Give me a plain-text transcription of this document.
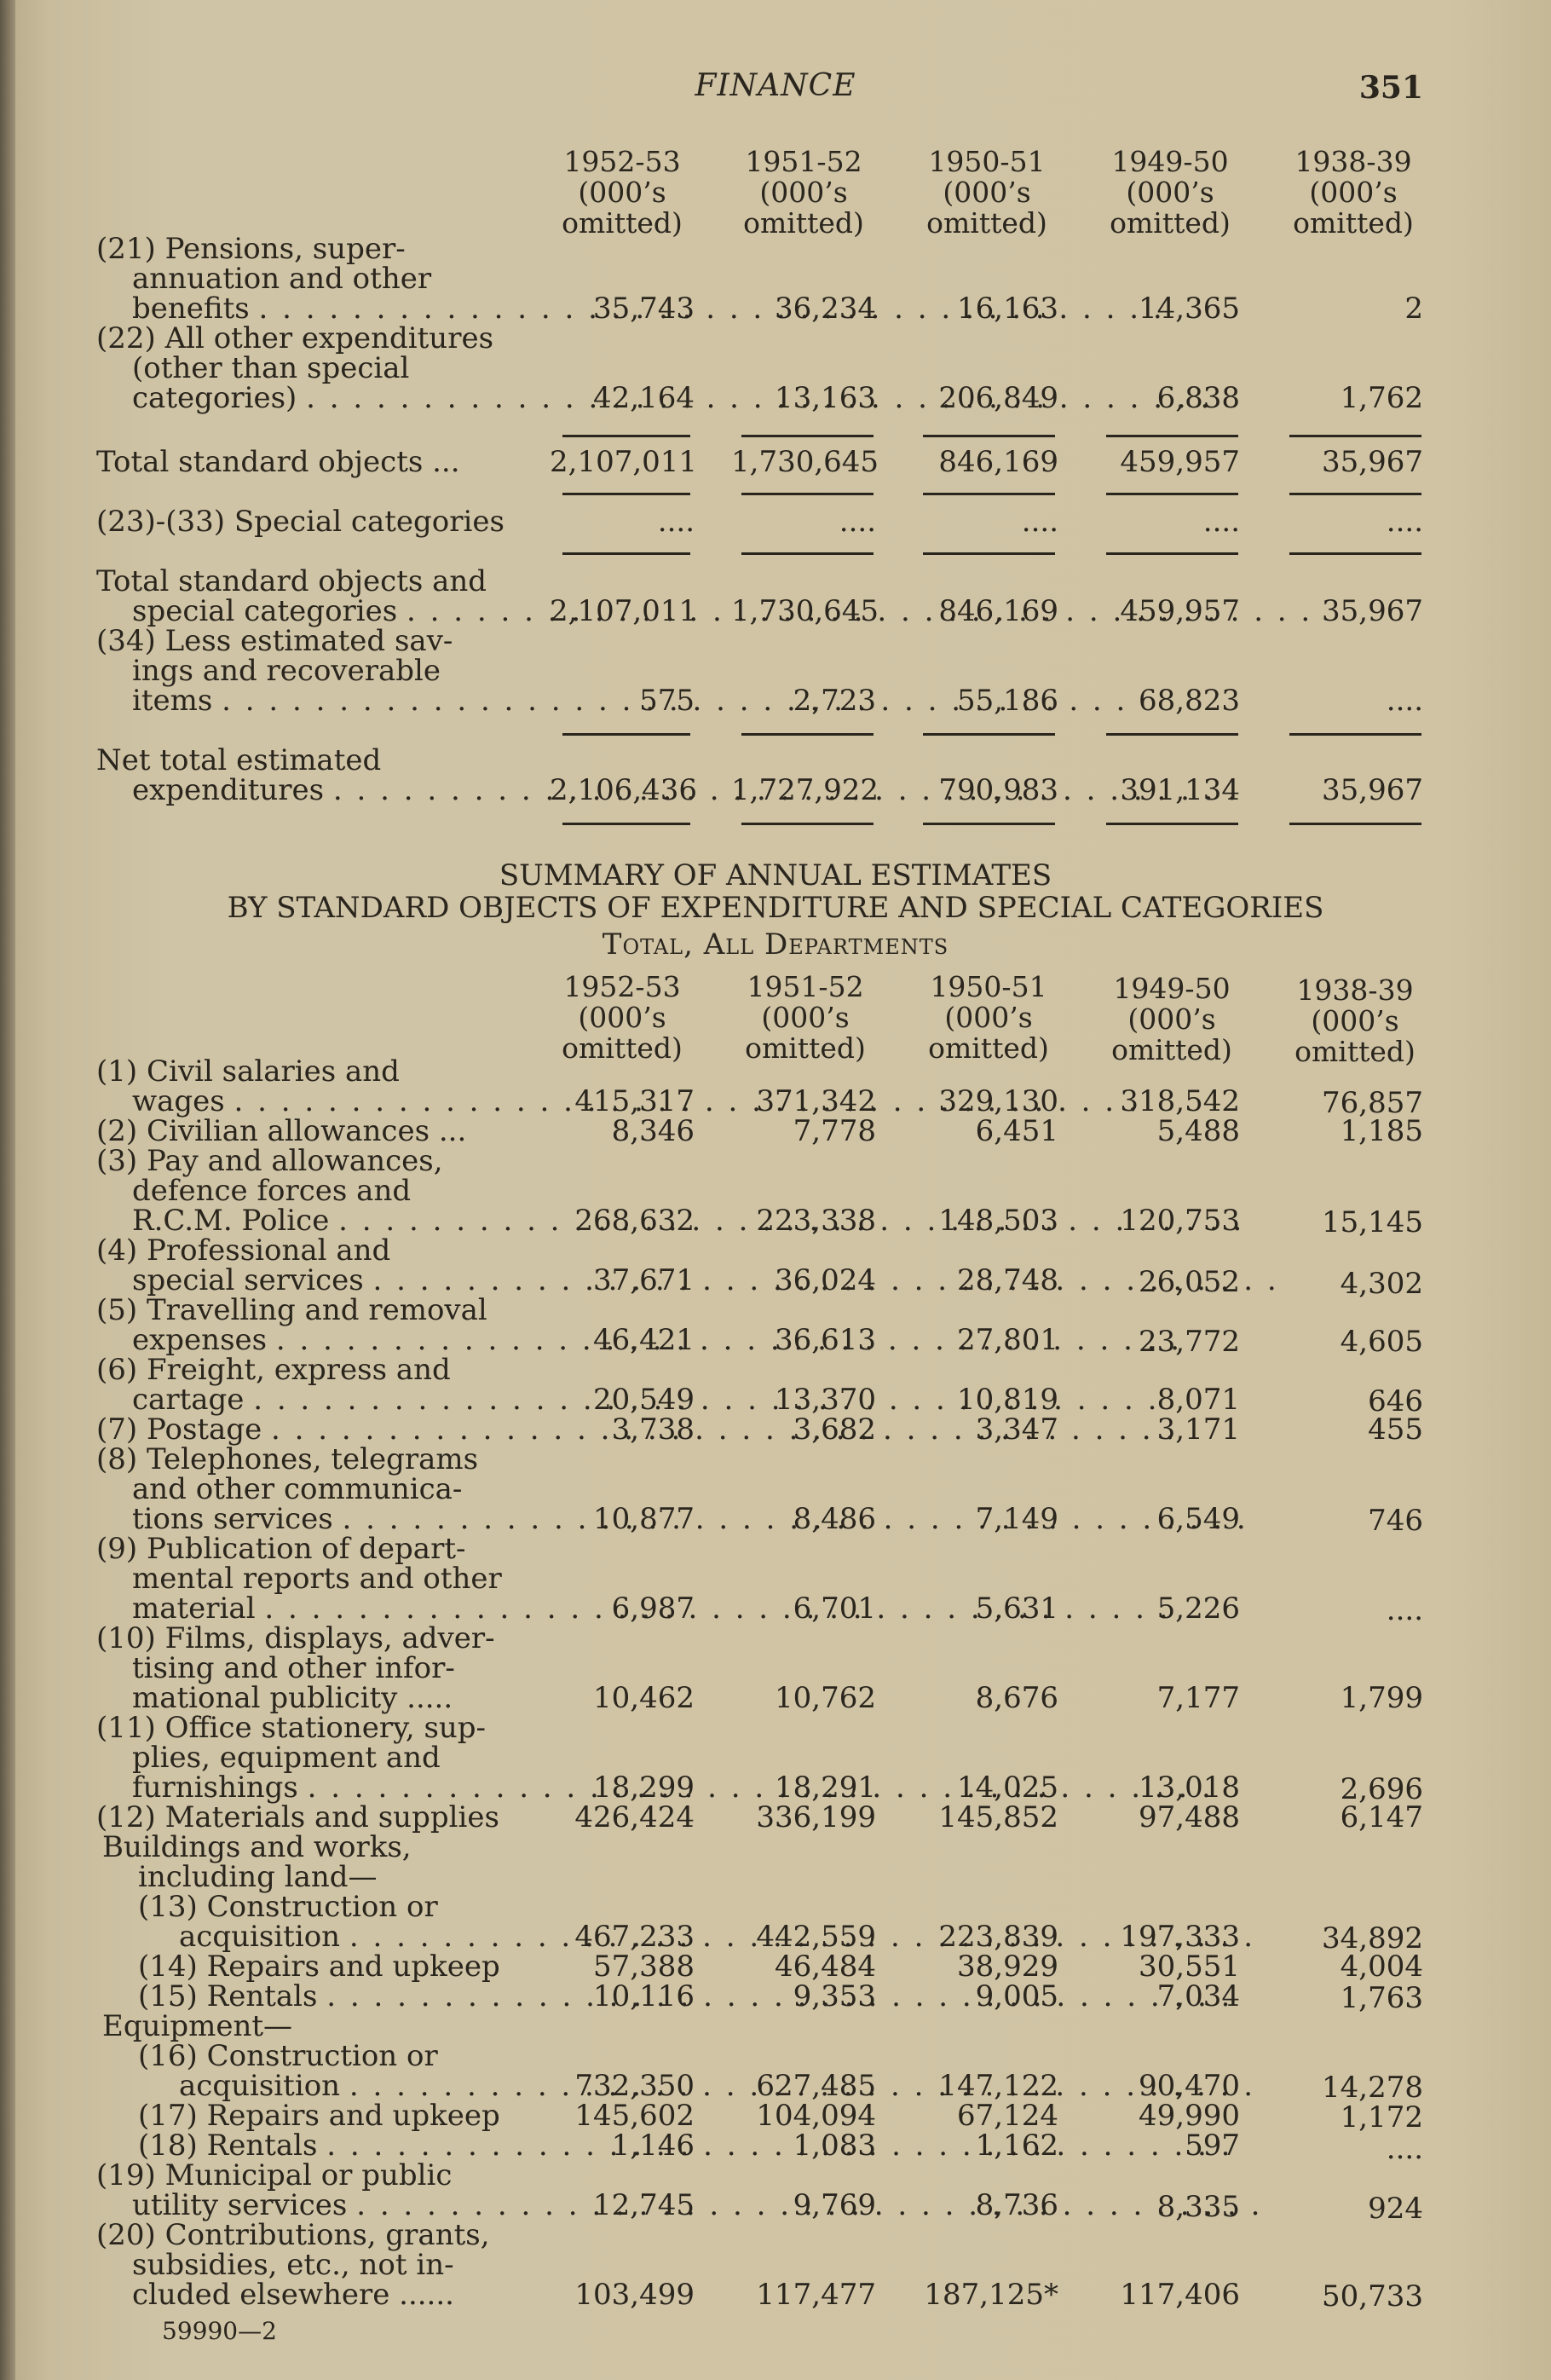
FINANCE	351
1952-53
(000’s
omitted)
1951-52
(000’s
omitted)
1950-51
(000’s
omitted)
1949-50
(000’s
omitted)
1938-39
(000’s
omitted)
(21) Pensions, super-
annuation and other
benefits . . .	35,743	36,234	16,163	14,365	2
(22) All other expenditures
(other than special
categories) . . .	42,164	13,163	206,849	6,838	1,762
Total standard objects ...	2,107,011 1,730,645	846,169	459,957	35,967
(23)-(33) Special categories	....	....	....	....	....
Total standard objects and
special categories . . .	2,107,011 1,730,645	846,169	459,957	35,967
(34) Less estimated sav-
ings and recoverable
items . . .	575	2,723	55,186	68,823	....
Net total estimated
expenditures . . .	2,106,436 1,727,922	790,983	391,134	35,967
SUMMARY OF ANNUAL ESTIMATES
BY STANDARD OBJECTS OF EXPENDITURE AND SPECIAL CATEGORIES
Total, All Departments
1952-53
(000’s
omitted)
1951-52
(000’s
omitted)
1950-51
(000’s
omitted)
1949-50
(000’s
omitted)
1938-39
(000’s
omitted)
(1) Civil salaries and
wages . . .	415,317	371,342	329,130	318,542	76,857
(2) Civilian allowances ...	8,346	7,778	6,451	5,488	1,185
(3) Pay and allowances,
defence forces and
R.C.M. Police . . .	268,632	223,338	148,503	120,753	15,145
(4) Professional and
special services . . .	37,671	36,024	28,748	26,052	4,302
(5) Travelling and removal
expenses . . .	46,421	36,613	27,801	23,772	4,605
(6) Freight, express and
cartage . . .	20,549	13,370	10,819	8,071	646
(7) Postage . . .	3,738	3,682	3,347	3,171	455
(8) Telephones, telegrams
and other communica-
tions services . . .	10,877	8,486	7,149	6,549	746
(9) Publication of depart-
mental reports and other
material . . .	6,987	6,701	5,631	5,226	....
(10) Films, displays, adver-
tising and other infor-
mational publicity .....	10,462	10,762	8,676	7,177	1,799
(11) Office stationery, sup-
plies, equipment and
furnishings . . .	18,299	18,291	14,025	13,018	2,696
(12) Materials and supplies	426,424	336,199	145,852	97,488	6,147
Buildings and works,
including land—
(13) Construction or
acquisition . . .	467,233	442,559	223,839	197,333	34,892
(14) Repairs and upkeep	57,388	46,484	38,929	30,551	4,004
(15) Rentals . . .	10,116	9,353	9,005	7,034	1,763
Equipment—
(16) Construction or
acquisition . . .	732,350	627,485	147,122	90,470	14,278
(17) Repairs and upkeep	145,602	104,094	67,124	49,990	1,172
(18) Rentals . . .	1,146	1,083	1,162	597	....
(19) Municipal or public
utility services . . .	12,745	9,769	8,736	8,335	924
(20) Contributions, grants,
subsidies, etc., not in-
cluded elsewhere ......	103,499	117,477	187,125*	117,406	50,733
59990—2
